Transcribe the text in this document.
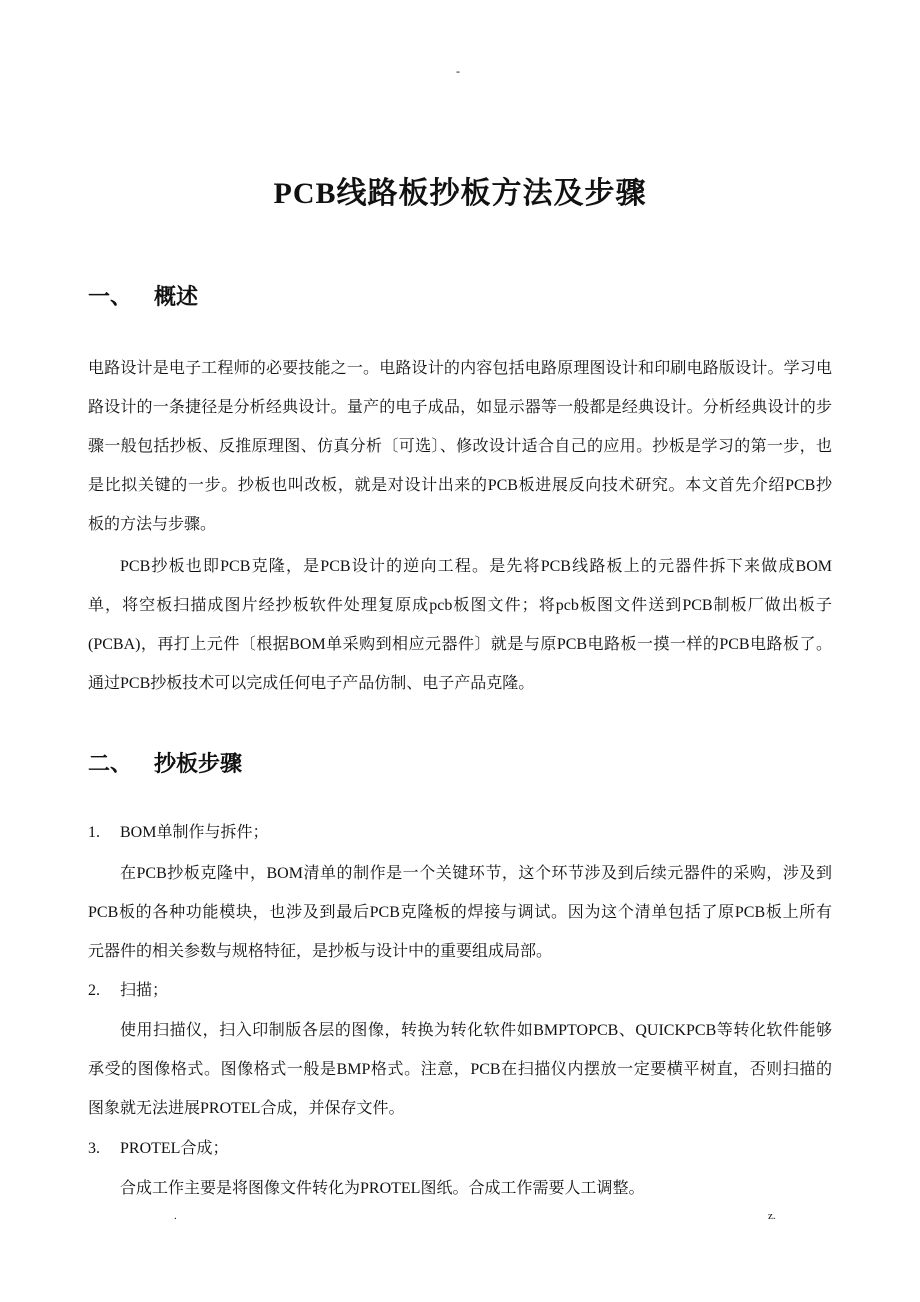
-
PCB线路板抄板方法及步骤
一、 概述
电路设计是电子工程师的必要技能之一。电路设计的内容包括电路原理图设计和印刷电路版设计。学习电
路设计的一条捷径是分析经典设计。量产的电子成品，如显示器等一般都是经典设计。分析经典设计的步
骤一般包括抄板、反推原理图、仿真分析〔可选〕、修改设计适合自己的应用。抄板是学习的第一步，也
是比拟关键的一步。抄板也叫改板，就是对设计出来的PCB板进展反向技术研究。本文首先介绍PCB抄
板的方法与步骤。
PCB抄板也即PCB克隆，是PCB设计的逆向工程。是先将PCB线路板上的元器件拆下来做成BOM
单，将空板扫描成图片经抄板软件处理复原成pcb板图文件；将pcb板图文件送到PCB制板厂做出板子
(PCBA)，再打上元件〔根据BOM单采购到相应元器件〕就是与原PCB电路板一摸一样的PCB电路板了。
通过PCB抄板技术可以完成任何电子产品仿制、电子产品克隆。
二、 抄板步骤
1. BOM单制作与拆件；
在PCB抄板克隆中，BOM清单的制作是一个关键环节，这个环节涉及到后续元器件的采购，涉及到
PCB板的各种功能模块，也涉及到最后PCB克隆板的焊接与调试。因为这个清单包括了原PCB板上所有
元器件的相关参数与规格特征，是抄板与设计中的重要组成局部。
2. 扫描；
使用扫描仪，扫入印制版各层的图像，转换为转化软件如BMPTOPCB、QUICKPCB等转化软件能够
承受的图像格式。图像格式一般是BMP格式。注意，PCB在扫描仪内摆放一定要横平树直，否则扫描的
图象就无法进展PROTEL合成，并保存文件。
3. PROTEL合成；
合成工作主要是将图像文件转化为PROTEL图纸。合成工作需要人工调整。
.	z.
